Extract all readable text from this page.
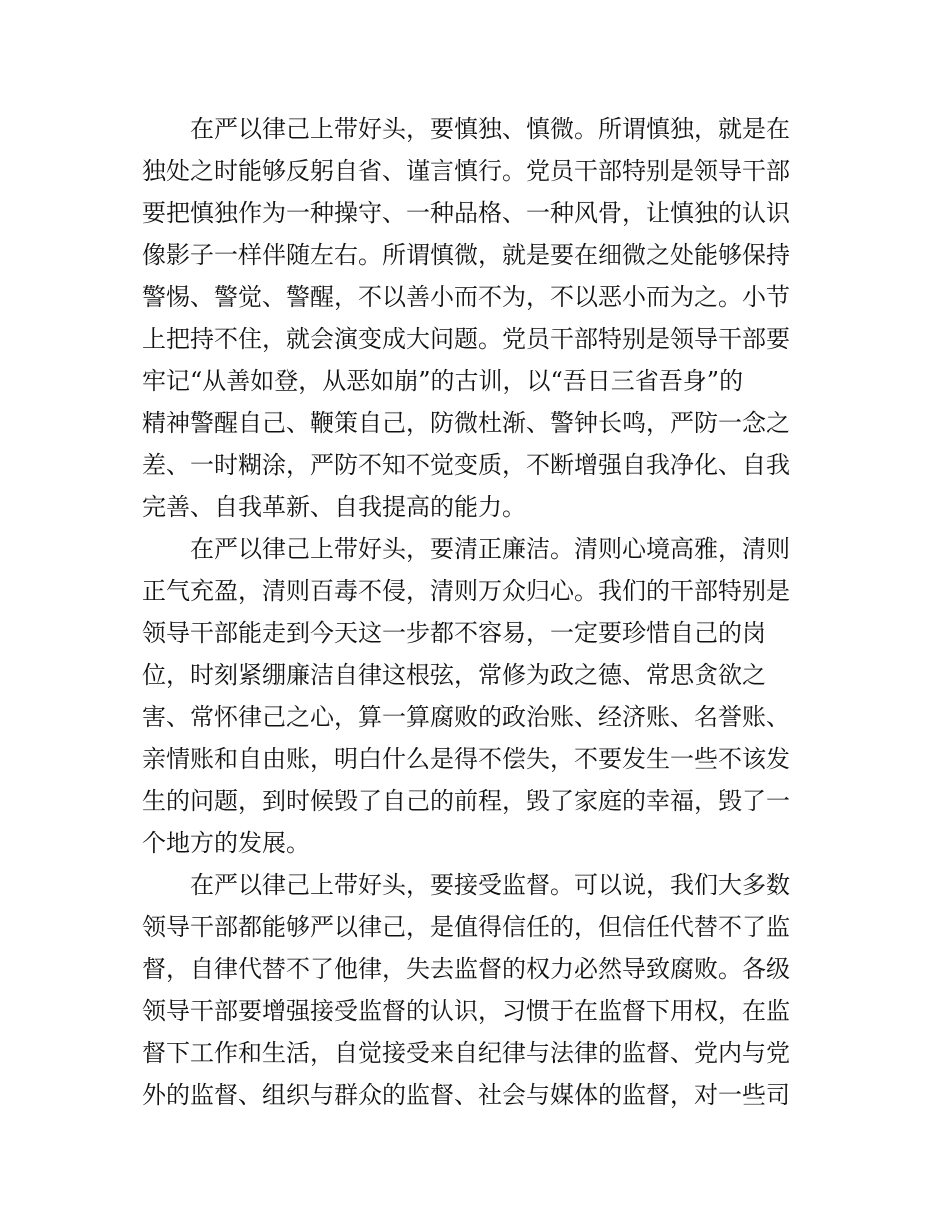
在严以律己上带好头，要慎独、慎微。所谓慎独，就是在
独处之时能够反躬自省、谨言慎行。党员干部特别是领导干部
要把慎独作为一种操守、一种品格、一种风骨，让慎独的认识
像影子一样伴随左右。所谓慎微，就是要在细微之处能够保持
警惕、警觉、警醒，不以善小而不为，不以恶小而为之。小节
上把持不住，就会演变成大问题。党员干部特别是领导干部要
牢记“从善如登，从恶如崩”的古训，以“吾日三省吾身”的
精神警醒自己、鞭策自己，防微杜渐、警钟长鸣，严防一念之
差、一时糊涂，严防不知不觉变质，不断增强自我净化、自我
完善、自我革新、自我提高的能力。
在严以律己上带好头，要清正廉洁。清则心境高雅，清则
正气充盈，清则百毒不侵，清则万众归心。我们的干部特别是
领导干部能走到今天这一步都不容易，一定要珍惜自己的岗
位，时刻紧绷廉洁自律这根弦，常修为政之德、常思贪欲之
害、常怀律己之心，算一算腐败的政治账、经济账、名誉账、
亲情账和自由账，明白什么是得不偿失，不要发生一些不该发
生的问题，到时候毁了自己的前程，毁了家庭的幸福，毁了一
个地方的发展。
在严以律己上带好头，要接受监督。可以说，我们大多数
领导干部都能够严以律己，是值得信任的，但信任代替不了监
督，自律代替不了他律，失去监督的权力必然导致腐败。各级
领导干部要增强接受监督的认识，习惯于在监督下用权，在监
督下工作和生活，自觉接受来自纪律与法律的监督、党内与党
外的监督、组织与群众的监督、社会与媒体的监督，对一些司
